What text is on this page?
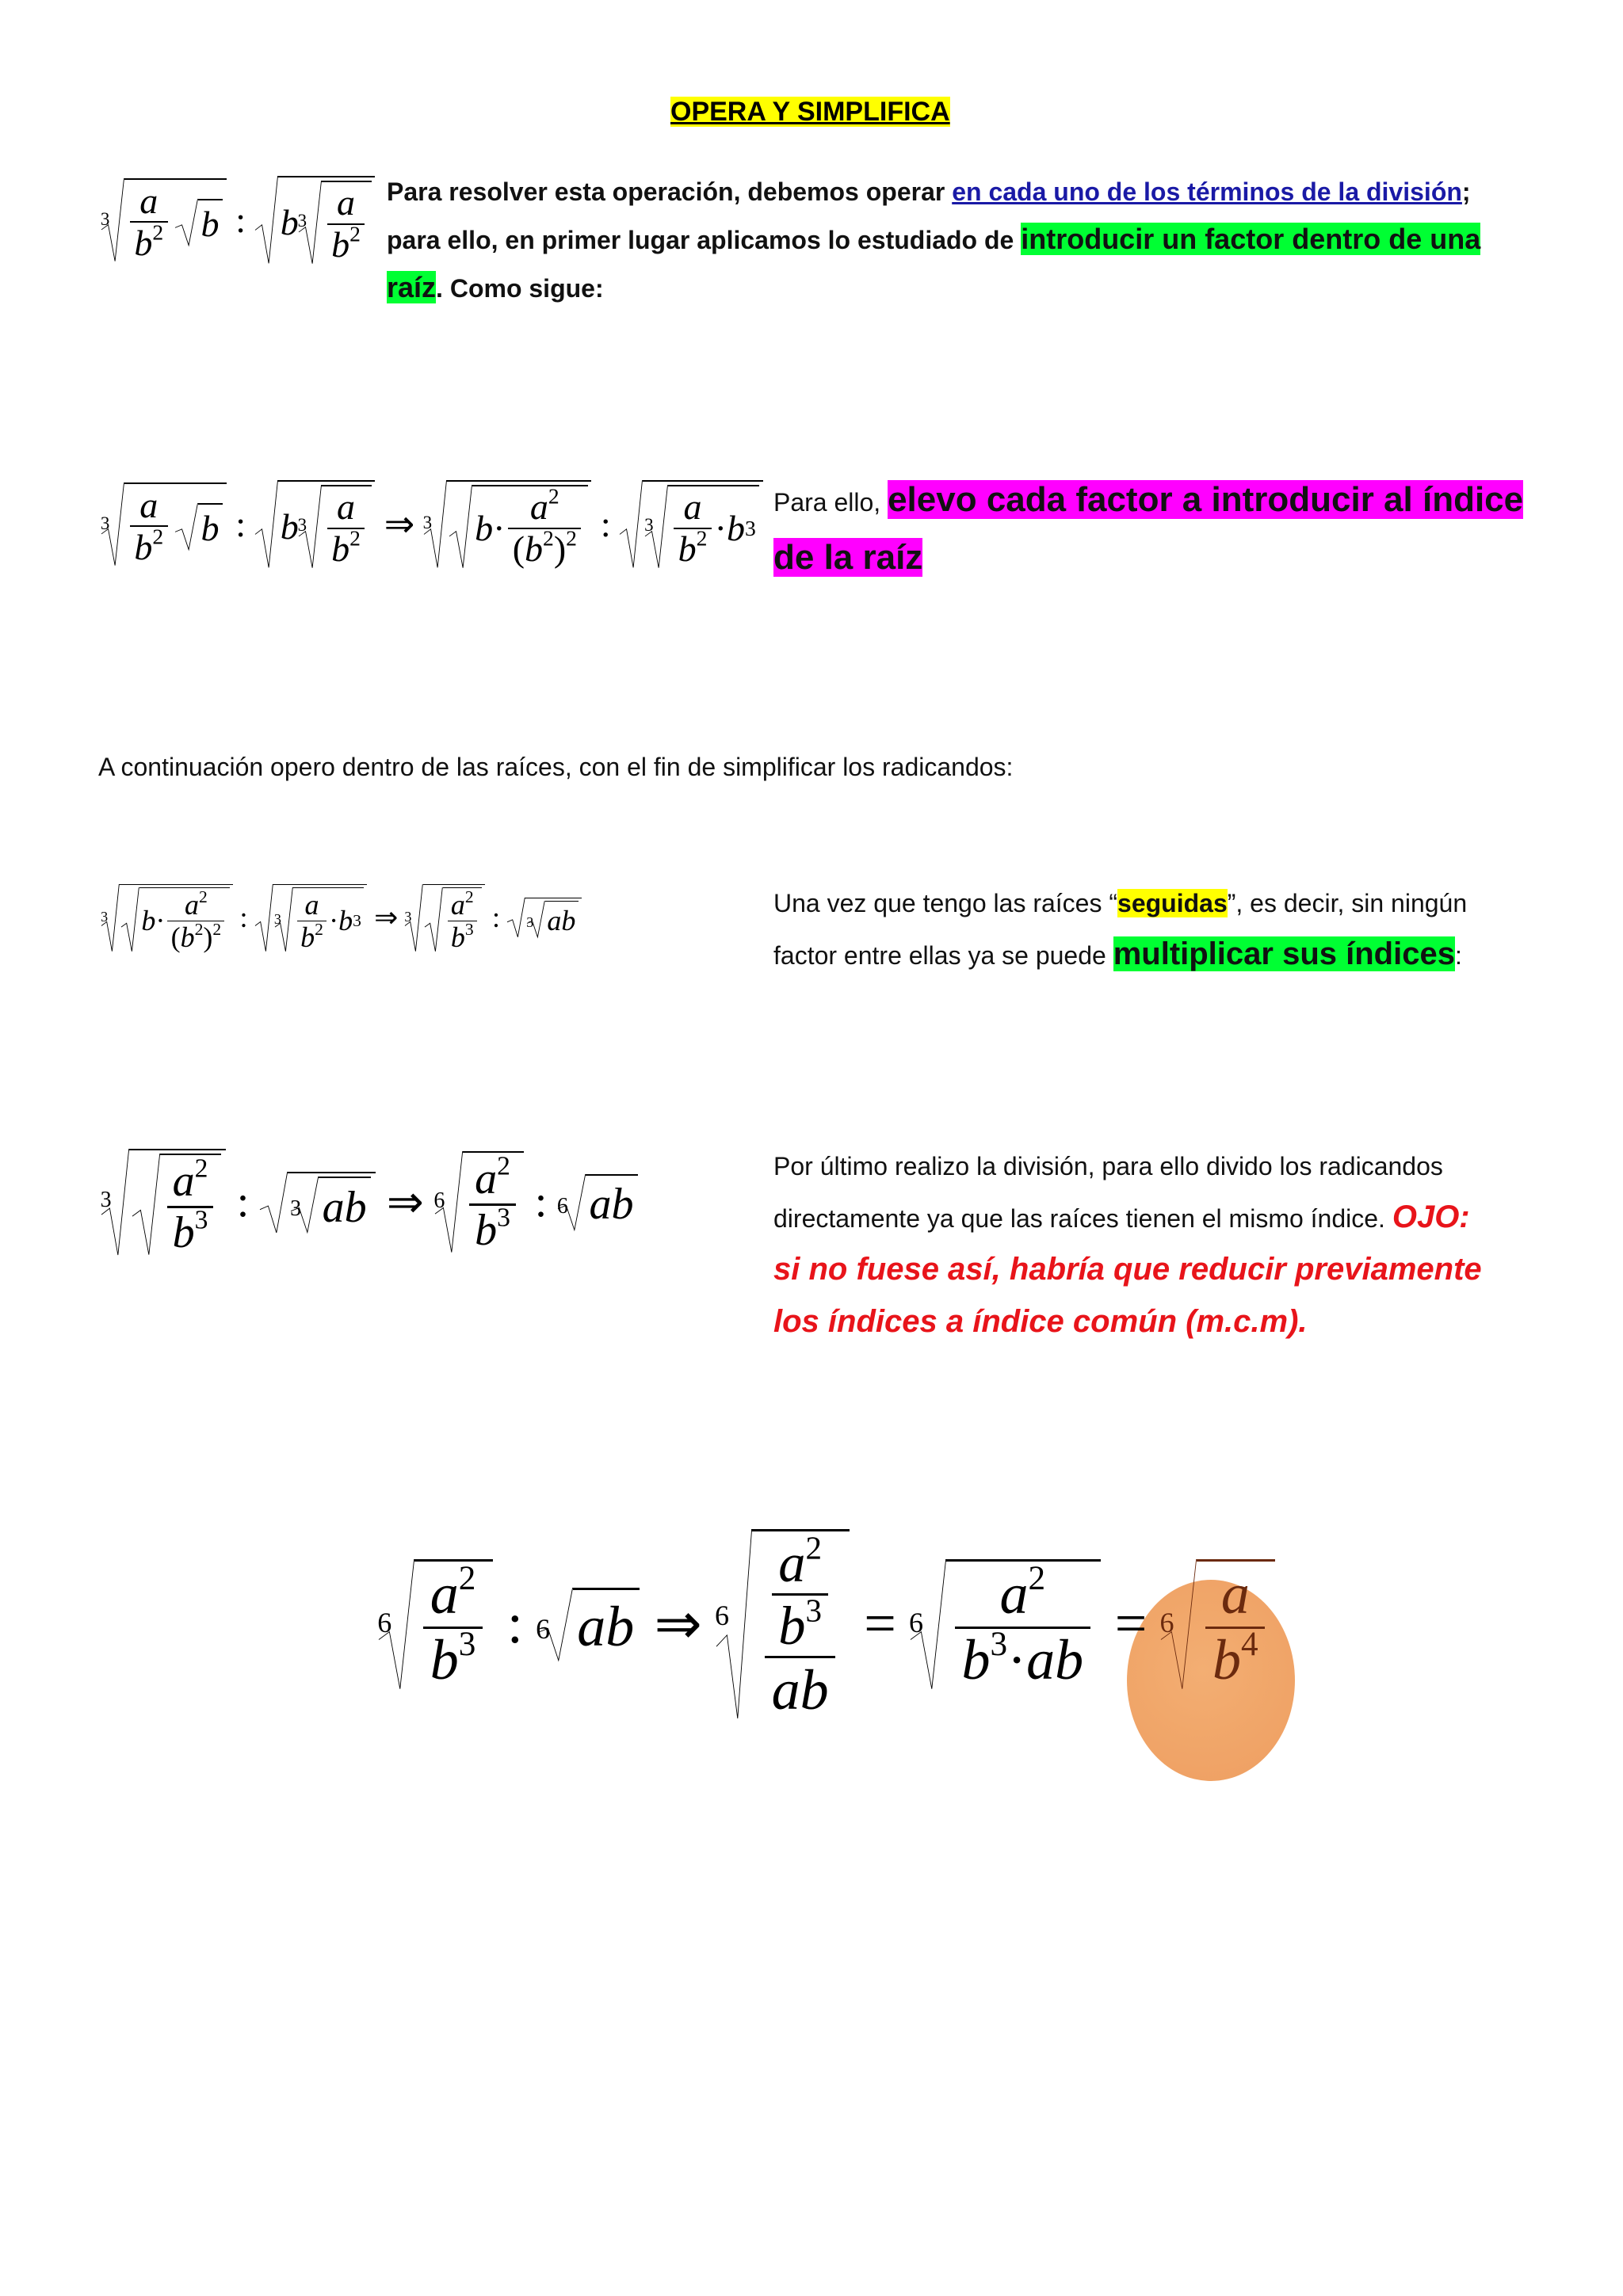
OPERA Y SIMPLIFICA
$3 \frac{a}{b^2}$ b : b
$3 \frac{a}{b^2}$ Para resolver esta operación, debemos operar en cada uno de los términos de la división;
para ello, en primer lugar aplicamos lo estudiado de introducir un factor dentro de una
raíz. Como sigue:
$3 \frac{a}{b^2}$ b : b
$3 \frac{a}{b^2}$ ⇒ 3 $b \cdot \frac{a^2}{(b^2)^2}$ :	$3 \frac{a}{b^2} \cdot b$ 3
Para ello, elevo cada factor a introducir al índice
de la raíz
A continuación opero dentro de las raíces, con el fin de simplificar los radicandos:
3 $b \cdot \frac{a^2}{(b^2)^2}$ :	$3 \frac{a}{b^2} \cdot b$ 3 ⇒ $3 \frac{a^2}{b^3}$ :	3 ab
Una vez que tengo las raíces “seguidas”, es decir, sin ningún
factor entre ellas ya se puede multiplicar sus índices:
$3 \frac{a^2}{b^3}$ :	3 ab ⇒ $6 \frac{a^2}{b^3}$ : 6 ab
Por último realizo la división, para ello divido los radicandos
directamente ya que las raíces tienen el mismo índice. OJO:
si no fuese así, habría que reducir previamente
los índices a índice común (m.c.m).
$6 \frac{a^2}{b^3}$ : 6 ab ⇒ $6 \frac{\frac{a^2}{b^3}}{ab} = 6 \frac{a^2}{b^3\cdot ab} = 6 \frac{a}{b^4}$
